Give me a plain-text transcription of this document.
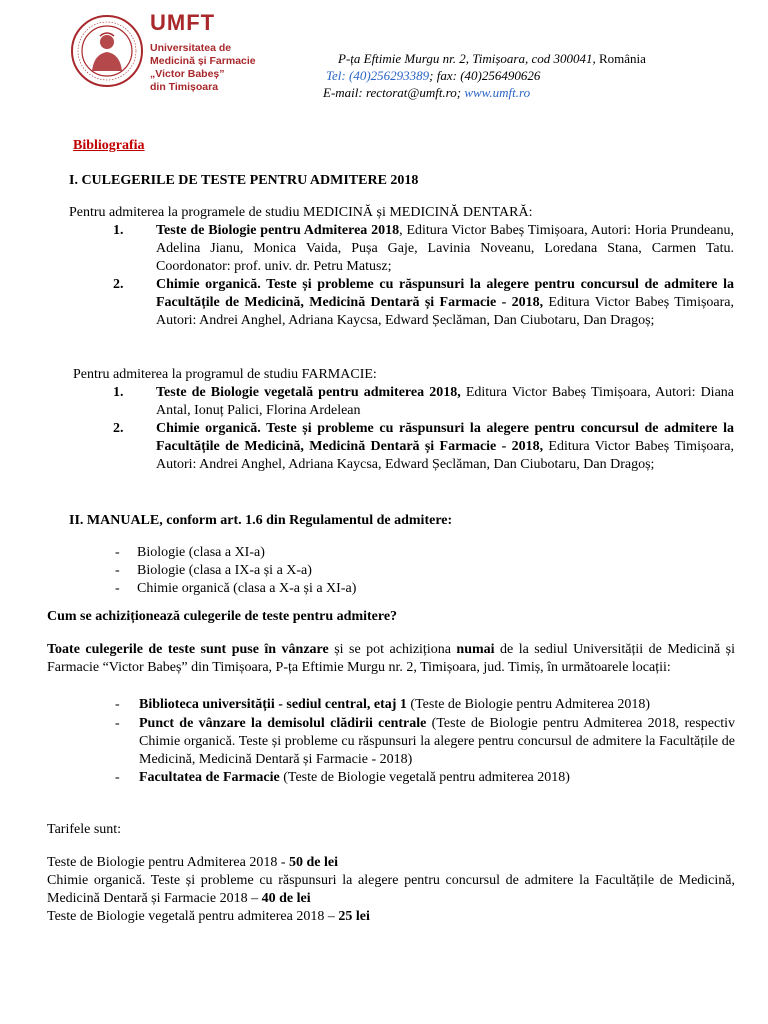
UMFT
Universitatea de
Medicină și Farmacie
„Victor Babeș”
din Timișoara
P-ța Eftimie Murgu nr. 2, Timișoara, cod 300041, România
Tel: (40)256293389; fax: (40)256490626
E-mail: rectorat@umft.ro; www.umft.ro
Bibliografia
I. CULEGERILE DE TESTE PENTRU ADMITERE 2018
Pentru admiterea la programele de studiu MEDICINĂ și MEDICINĂ DENTARĂ:
1. Teste de Biologie pentru Admiterea 2018, Editura Victor Babeș Timișoara, Autori: Horia Prundeanu, Adelina Jianu, Monica Vaida, Pușa Gaje, Lavinia Noveanu, Loredana Stana, Carmen Tatu. Coordonator: prof. univ. dr. Petru Matusz;
2. Chimie organică. Teste și probleme cu răspunsuri la alegere pentru concursul de admitere la Facultățile de Medicină, Medicină Dentară și Farmacie - 2018, Editura Victor Babeș Timișoara, Autori: Andrei Anghel, Adriana Kaycsa, Edward Șeclăman, Dan Ciubotaru, Dan Dragoș;
Pentru admiterea la programul de studiu FARMACIE:
1. Teste de Biologie vegetală pentru admiterea 2018, Editura Victor Babeș Timișoara, Autori: Diana Antal, Ionuț Palici, Florina Ardelean
2. Chimie organică. Teste și probleme cu răspunsuri la alegere pentru concursul de admitere la Facultățile de Medicină, Medicină Dentară și Farmacie - 2018, Editura Victor Babeș Timișoara, Autori: Andrei Anghel, Adriana Kaycsa, Edward Șeclăman, Dan Ciubotaru, Dan Dragoș;
II. MANUALE, conform art. 1.6 din Regulamentul de admitere:
- Biologie (clasa a XI-a)
- Biologie (clasa a IX-a și a X-a)
- Chimie organică (clasa a X-a și a XI-a)
Cum se achiziționează culegerile de teste pentru admitere?
Toate culegerile de teste sunt puse în vânzare și se pot achiziționa numai de la sediul Universității de Medicină și Farmacie “Victor Babeș” din Timișoara, P-ța Eftimie Murgu nr. 2, Timișoara, jud. Timiș, în următoarele locații:
- Biblioteca universității - sediul central, etaj 1 (Teste de Biologie pentru Admiterea 2018)
- Punct de vânzare la demisolul clădirii centrale (Teste de Biologie pentru Admiterea 2018, respectiv Chimie organică. Teste și probleme cu răspunsuri la alegere pentru concursul de admitere la Facultățile de Medicină, Medicină Dentară și Farmacie - 2018)
- Facultatea de Farmacie (Teste de Biologie vegetală pentru admiterea 2018)
Tarifele sunt:
Teste de Biologie pentru Admiterea 2018 - 50 de lei
Chimie organică. Teste și probleme cu răspunsuri la alegere pentru concursul de admitere la Facultățile de Medicină, Medicină Dentară și Farmacie 2018 – 40 de lei
Teste de Biologie vegetală pentru admiterea 2018 – 25 lei
